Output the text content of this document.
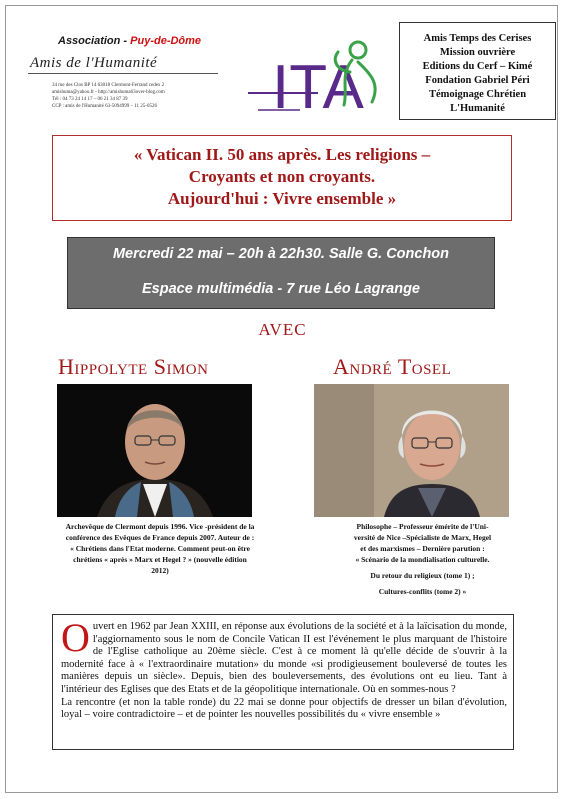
Association - Puy-de-Dôme
Amis de l'Humanité
34 rue des Clos BP 14 63018 Clermont-Ferrand cedex 2
amishuma@yahoo.fr - http://amishuma63over-blog.com
Tél : 04 73 24 14 17 – 06 21 34 87 39
CCP : amis de l'Humanité 63-5094999 – 11 25-0526	ITA
Amis Temps des Cerises
Mission ouvrière
Editions du Cerf – Kimé
Fondation Gabriel Péri
Témoignage Chrétien
L'Humanité
« Vatican II. 50 ans après. Les religions –
Croyants et non croyants.
Aujourd'hui : Vivre ensemble »
Mercredi 22 mai – 20h à 22h30. Salle G. Conchon
Espace multimédia - 7 rue Léo Lagrange
AVEC
Hippolyte Simon	André Tosel
Archevêque de Clermont depuis 1996. Vice -président de la conférence des Evêques de France depuis 2007. Auteur de : « Chrétiens dans l'Etat moderne. Comment peut-on être chrétiens « après » Marx et Hegel ? » (nouvelle édition 2012)
Philosophe – Professeur émérite de l'Uni-
versité de Nice –Spécialiste de Marx, Hegel
et des marxismes – Dernière parution :
« Scénario de la mondialisation culturelle.
Du retour du religieux (tome 1) ;
Cultures-conflits (tome 2) »
O uvert en 1962 par Jean XXIII, en réponse aux évolutions de la société et à la laïcisation du monde, l'aggiornamento sous le nom de Concile Vatican II est l'événement le plus marquant de l'histoire de l'Eglise catholique au 20ème siècle. C'est à ce moment là qu'elle décide de s'ouvrir à la modernité face à « l'extraordinaire mutation» du monde «si prodigieusement bouleversé de toutes les manières depuis un siècle». Depuis, bien des bouleversements, des évolutions ont eu lieu. Tant à l'intérieur des Eglises que des Etats et de la géopolitique internationale. Où en sommes-nous ?
La rencontre (et non la table ronde) du 22 mai se donne pour objectifs de dresser un bilan d'évolution, loyal – voire contradictoire – et de pointer les nouvelles possibilités du « vivre ensemble »
